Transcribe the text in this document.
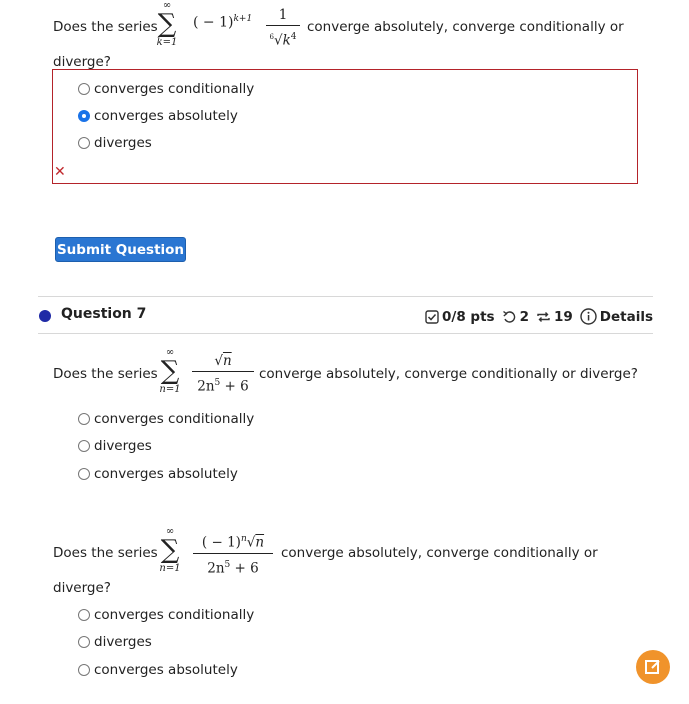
Does the series
∞
∑
k=1
( − 1)$^{k+1}$	1
$^6√k^4$
converge absolutely, converge conditionally or
diverge?
converges conditionally
converges absolutely
diverges
✕
Submit Question
Question 7	0/8 pts 2 19 Details
Does the series
∞
∑
n=1
√n
$2n^5 + 6$
converge absolutely, converge conditionally or diverge?
converges conditionally
diverges
converges absolutely
Does the series
∞
∑
n=1
( − 1)$^n$√n
$2n^5 + 6$
converge absolutely, converge conditionally or
diverge?
converges conditionally
diverges
converges absolutely
